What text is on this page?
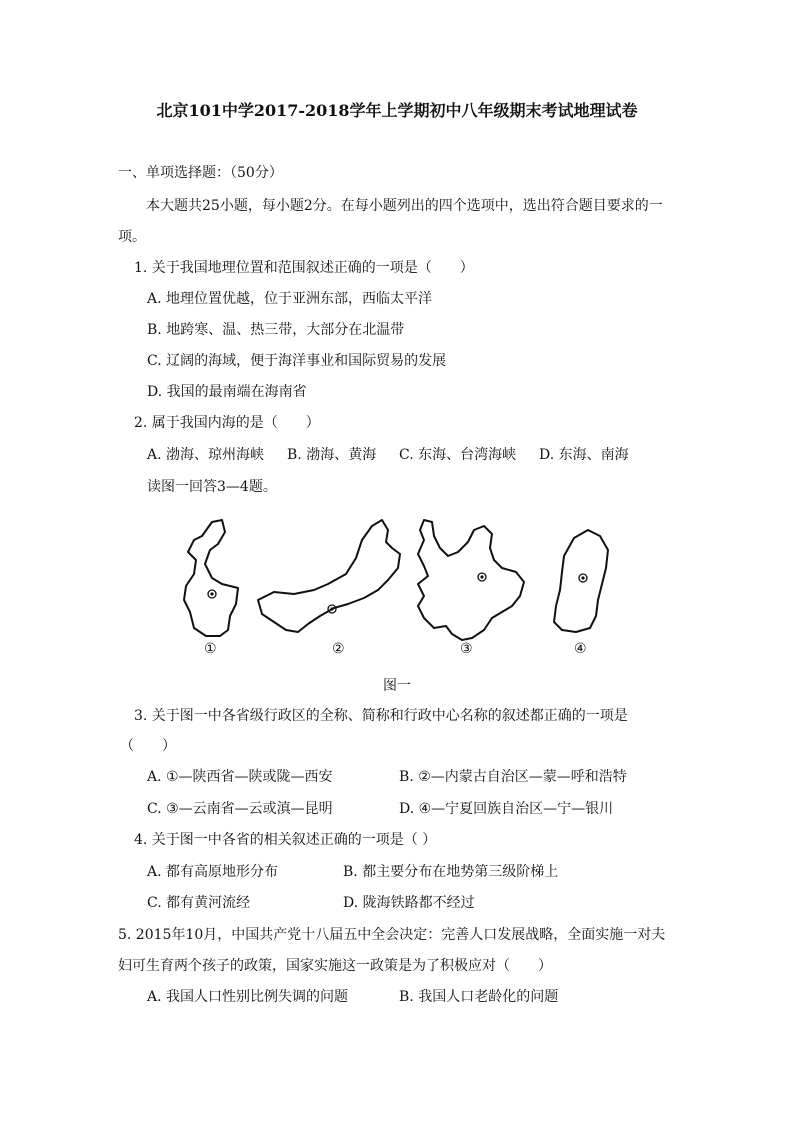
北京101中学2017-2018学年上学期初中八年级期末考试地理试卷
一、单项选择题：（50分）
本大题共25小题，每小题2分。在每小题列出的四个选项中，选出符合题目要求的一
项。
1. 关于我国地理位置和范围叙述正确的一项是（　　）
A. 地理位置优越，位于亚洲东部，西临太平洋
B. 地跨寒、温、热三带，大部分在北温带
C. 辽阔的海域，便于海洋事业和国际贸易的发展
D. 我国的最南端在海南省
2. 属于我国内海的是（　　）
A. 渤海、琼州海峡 B. 渤海、黄海 C. 东海、台湾海峡 D. 东海、南海
读图一回答3—4题。
①	②	③	④
图一
3. 关于图一中各省级行政区的全称、简称和行政中心名称的叙述都正确的一项是
（　　）
A. ①—陕西省—陕或陇—西安	B. ②—内蒙古自治区—蒙—呼和浩特
C. ③—云南省—云或滇—昆明	D. ④—宁夏回族自治区—宁—银川
4. 关于图一中各省的相关叙述正确的一项是（ ）
A. 都有高原地形分布	B. 都主要分布在地势第三级阶梯上
C. 都有黄河流经	D. 陇海铁路都不经过
5. 2015年10月，中国共产党十八届五中全会决定：完善人口发展战略，全面实施一对夫
妇可生育两个孩子的政策，国家实施这一政策是为了积极应对（　　）
A. 我国人口性别比例失调的问题	B. 我国人口老龄化的问题
